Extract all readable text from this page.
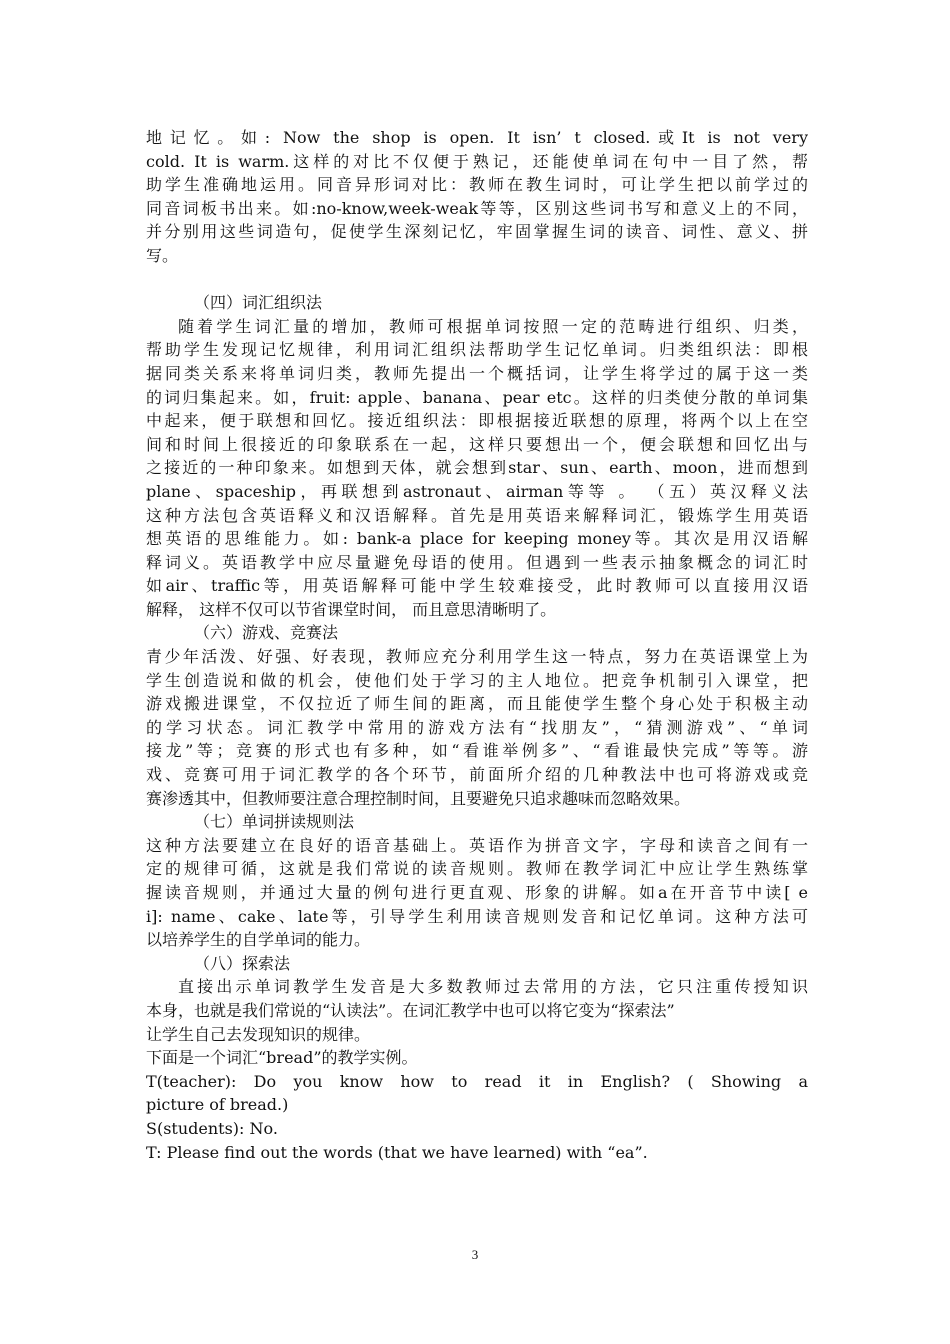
地记忆。如: Now the shop is open. It isn’ t closed.或It is not very
cold. It is warm.这样的对比不仅便于熟记，还能使单词在句中一目了然，帮
助学生准确地运用。同音异形词对比：教师在教生词时，可让学生把以前学过的
同音词板书出来。如:no-know,week-weak等等，区别这些词书写和意义上的不同，
并分别用这些词造句，促使学生深刻记忆，牢固掌握生词的读音、词性、意义、拼
写。
（四）词汇组织法
随着学生词汇量的增加，教师可根据单词按照一定的范畴进行组织、归类，
帮助学生发现记忆规律，利用词汇组织法帮助学生记忆单词。归类组织法：即根
据同类关系来将单词归类，教师先提出一个概括词，让学生将学过的属于这一类
的词归集起来。如，fruit: apple、banana、pear etc。这样的归类使分散的单词集
中起来，便于联想和回忆。接近组织法：即根据接近联想的原理，将两个以上在空
间和时间上很接近的印象联系在一起，这样只要想出一个，便会联想和回忆出与
之接近的一种印象来。如想到天体，就会想到star、sun、earth、moon，进而想到
plane、spaceship，再联想到astronaut、airman等等 。 （五）英汉释义法
这种方法包含英语释义和汉语解释。首先是用英语来解释词汇，锻炼学生用英语
想英语的思维能力。如: bank-a place for keeping money等。其次是用汉语解
释词义。英语教学中应尽量避免母语的使用。但遇到一些表示抽象概念的词汇时
如air、traffic等，用英语解释可能中学生较难接受，此时教师可以直接用汉语
解释， 这样不仅可以节省课堂时间， 而且意思清晰明了。
（六）游戏、竞赛法
青少年活泼、好强、好表现，教师应充分利用学生这一特点，努力在英语课堂上为
学生创造说和做的机会，使他们处于学习的主人地位。把竞争机制引入课堂，把
游戏搬进课堂，不仅拉近了师生间的距离，而且能使学生整个身心处于积极主动
的学习状态。词汇教学中常用的游戏方法有“找朋友”，“猜测游戏”、“单词
接龙”等；竞赛的形式也有多种，如“看谁举例多”、“看谁最快完成”等等。游
戏、竞赛可用于词汇教学的各个环节，前面所介绍的几种教法中也可将游戏或竞
赛渗透其中，但教师要注意合理控制时间，且要避免只追求趣味而忽略效果。
（七）单词拼读规则法
这种方法要建立在良好的语音基础上。英语作为拼音文字，字母和读音之间有一
定的规律可循，这就是我们常说的读音规则。教师在教学词汇中应让学生熟练掌
握读音规则，并通过大量的例句进行更直观、形象的讲解。如a在开音节中读[ e
i]: name、cake、late等，引导学生利用读音规则发音和记忆单词。这种方法可
以培养学生的自学单词的能力。
（八）探索法
直接出示单词教学生发音是大多数教师过去常用的方法，它只注重传授知识
本身，也就是我们常说的“认读法”。在词汇教学中也可以将它变为“探索法”
让学生自己去发现知识的规律。
下面是一个词汇“bread”的教学实例。
T(teacher): Do you know how to read it in English? ( Showing a
picture of bread.)
S(students): No.
T: Please find out the words (that we have learned) with “ea”.
3
